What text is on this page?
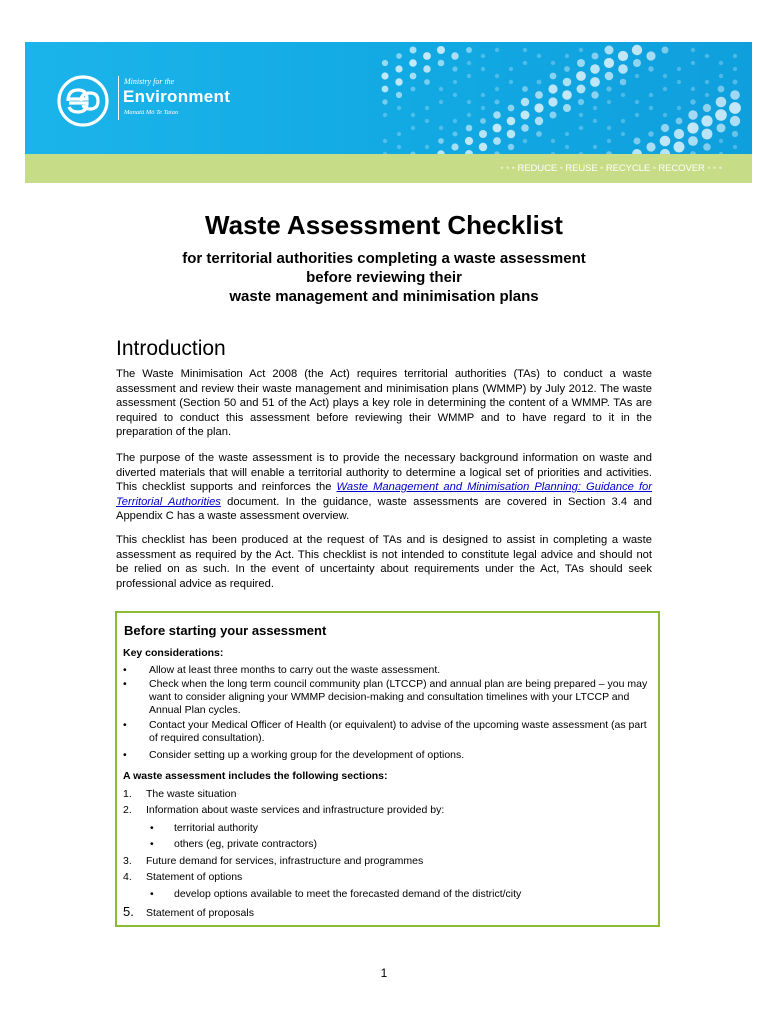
Ministry for the
Environment
Manatū Mō Te Taiao
• • • REDUCE • REUSE • RECYCLE • RECOVER • • •
Waste Assessment Checklist
for territorial authorities completing a waste assessment
before reviewing their
waste management and minimisation plans
Introduction

The Waste Minimisation Act 2008 (the Act) requires territorial authorities (TAs) to conduct a waste assessment and review their waste management and minimisation plans (WMMP) by July 2012. The waste assessment (Section 50 and 51 of the Act) plays a key role in determining the content of a WMMP. TAs are required to conduct this assessment before reviewing their WMMP and to have regard to it in the preparation of the plan.

The purpose of the waste assessment is to provide the necessary background information on waste and diverted materials that will enable a territorial authority to determine a logical set of priorities and activities. This checklist supports and reinforces the Waste Management and Minimisation Planning: Guidance for Territorial Authorities document. In the guidance, waste assessments are covered in Section 3.4 and Appendix C has a waste assessment overview.

This checklist has been produced at the request of TAs and is designed to assist in completing a waste assessment as required by the Act. This checklist is not intended to constitute legal advice and should not be relied on as such. In the event of uncertainty about requirements under the Act, TAs should seek professional advice as required.

Before starting your assessment
Key considerations:
• Allow at least three months to carry out the waste assessment.
• Check when the long term council community plan (LTCCP) and annual plan are being prepared – you may want to consider aligning your WMMP decision-making and consultation timelines with your LTCCP and Annual Plan cycles.
• Contact your Medical Officer of Health (or equivalent) to advise of the upcoming waste assessment (as part of required consultation).
• Consider setting up a working group for the development of options.
A waste assessment includes the following sections:
1. The waste situation
2. Information about waste services and infrastructure provided by:
• territorial authority
• others (eg, private contractors)
3. Future demand for services, infrastructure and programmes
4. Statement of options
• develop options available to meet the forecasted demand of the district/city
5. Statement of proposals
1
